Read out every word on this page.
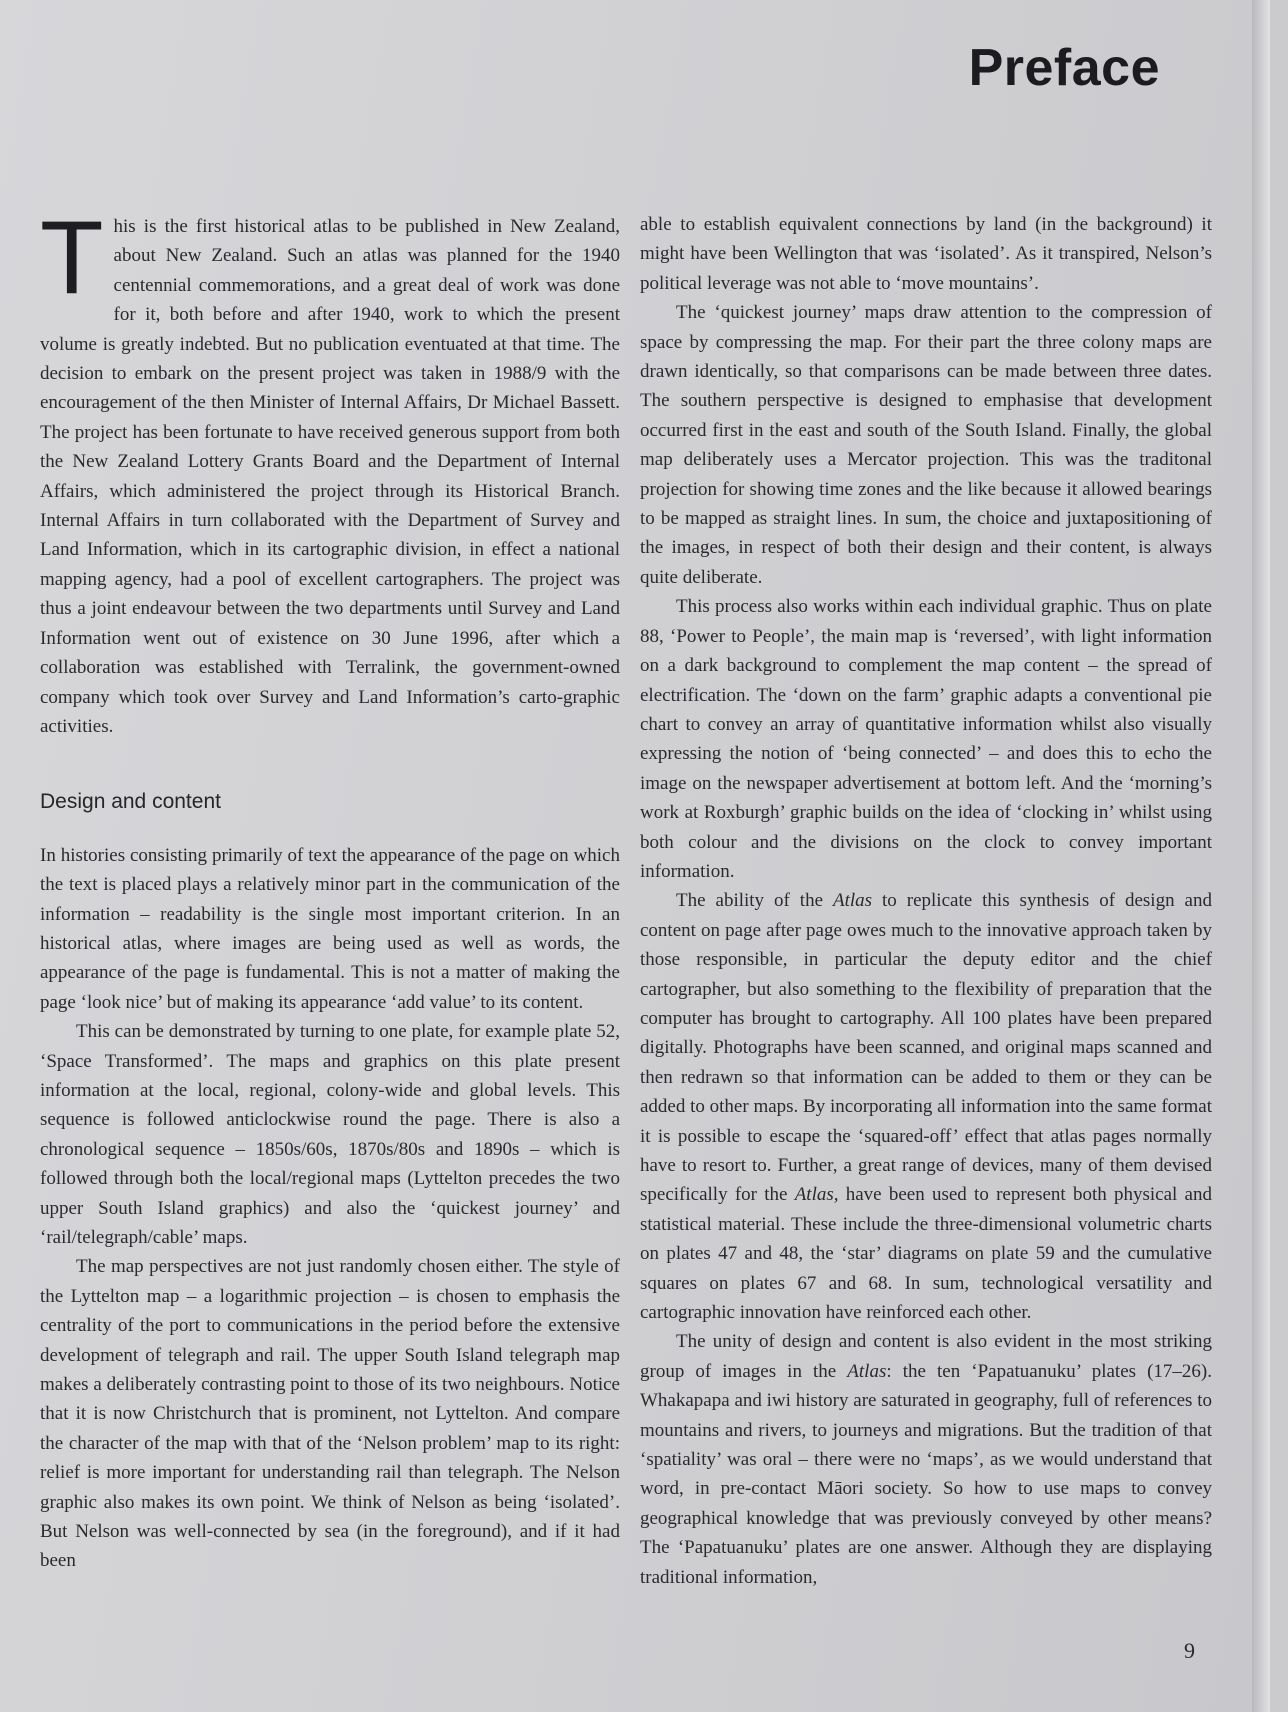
Preface

This is the first historical atlas to be published in New Zealand, about New Zealand. Such an atlas was planned for the 1940 centennial commemorations, and a great deal of work was done for it, both before and after 1940, work to which the present volume is greatly indebted. But no publication eventuated at that time. The decision to embark on the present project was taken in 1988/9 with the encouragement of the then Minister of Internal Affairs, Dr Michael Bassett. The project has been fortunate to have received generous support from both the New Zealand Lottery Grants Board and the Department of Internal Affairs, which administered the project through its Historical Branch. Internal Affairs in turn collaborated with the Department of Survey and Land Information, which in its cartographic division, in effect a national mapping agency, had a pool of excellent cartographers. The project was thus a joint endeavour between the two departments until Survey and Land Information went out of existence on 30 June 1996, after which a collaboration was established with Terralink, the government-owned company which took over Survey and Land Information’s carto-graphic activities.

Design and content

In histories consisting primarily of text the appearance of the page on which the text is placed plays a relatively minor part in the communication of the information – readability is the single most important criterion. In an historical atlas, where images are being used as well as words, the appearance of the page is fundamental. This is not a matter of making the page ‘look nice’ but of making its appearance ‘add value’ to its content.

This can be demonstrated by turning to one plate, for example plate 52, ‘Space Transformed’. The maps and graphics on this plate present information at the local, regional, colony-wide and global levels. This sequence is followed anticlockwise round the page. There is also a chronological sequence – 1850s/60s, 1870s/80s and 1890s – which is followed through both the local/regional maps (Lyttelton precedes the two upper South Island graphics) and also the ‘quickest journey’ and ‘rail/telegraph/cable’ maps.

The map perspectives are not just randomly chosen either. The style of the Lyttelton map – a logarithmic projection – is chosen to emphasis the centrality of the port to communications in the period before the extensive development of telegraph and rail. The upper South Island telegraph map makes a deliberately contrasting point to those of its two neighbours. Notice that it is now Christchurch that is prominent, not Lyttelton. And compare the character of the map with that of the ‘Nelson problem’ map to its right: relief is more important for understanding rail than telegraph. The Nelson graphic also makes its own point. We think of Nelson as being ‘isolated’. But Nelson was well-connected by sea (in the foreground), and if it had been

able to establish equivalent connections by land (in the background) it might have been Wellington that was ‘isolated’. As it transpired, Nelson’s political leverage was not able to ‘move mountains’.

The ‘quickest journey’ maps draw attention to the compression of space by compressing the map. For their part the three colony maps are drawn identically, so that comparisons can be made between three dates. The southern perspective is designed to emphasise that development occurred first in the east and south of the South Island. Finally, the global map deliberately uses a Mercator projection. This was the traditonal projection for showing time zones and the like because it allowed bearings to be mapped as straight lines. In sum, the choice and juxtapositioning of the images, in respect of both their design and their content, is always quite deliberate.

This process also works within each individual graphic. Thus on plate 88, ‘Power to People’, the main map is ‘reversed’, with light information on a dark background to complement the map content – the spread of electrification. The ‘down on the farm’ graphic adapts a conventional pie chart to convey an array of quantitative information whilst also visually expressing the notion of ‘being connected’ – and does this to echo the image on the newspaper advertisement at bottom left. And the ‘morning’s work at Roxburgh’ graphic builds on the idea of ‘clocking in’ whilst using both colour and the divisions on the clock to convey important information.

The ability of the Atlas to replicate this synthesis of design and content on page after page owes much to the innovative approach taken by those responsible, in particular the deputy editor and the chief cartographer, but also something to the flexibility of preparation that the computer has brought to cartography. All 100 plates have been prepared digitally. Photographs have been scanned, and original maps scanned and then redrawn so that information can be added to them or they can be added to other maps. By incorporating all information into the same format it is possible to escape the ‘squared-off’ effect that atlas pages normally have to resort to. Further, a great range of devices, many of them devised specifically for the Atlas, have been used to represent both physical and statistical material. These include the three-dimensional volumetric charts on plates 47 and 48, the ‘star’ diagrams on plate 59 and the cumulative squares on plates 67 and 68. In sum, technological versatility and cartographic innovation have reinforced each other.

The unity of design and content is also evident in the most striking group of images in the Atlas: the ten ‘Papatuanuku’ plates (17–26). Whakapapa and iwi history are saturated in geography, full of references to mountains and rivers, to journeys and migrations. But the tradition of that ‘spatiality’ was oral – there were no ‘maps’, as we would understand that word, in pre-contact Māori society. So how to use maps to convey geographical knowledge that was previously conveyed by other means? The ‘Papatuanuku’ plates are one answer. Although they are displaying traditional information,

9
